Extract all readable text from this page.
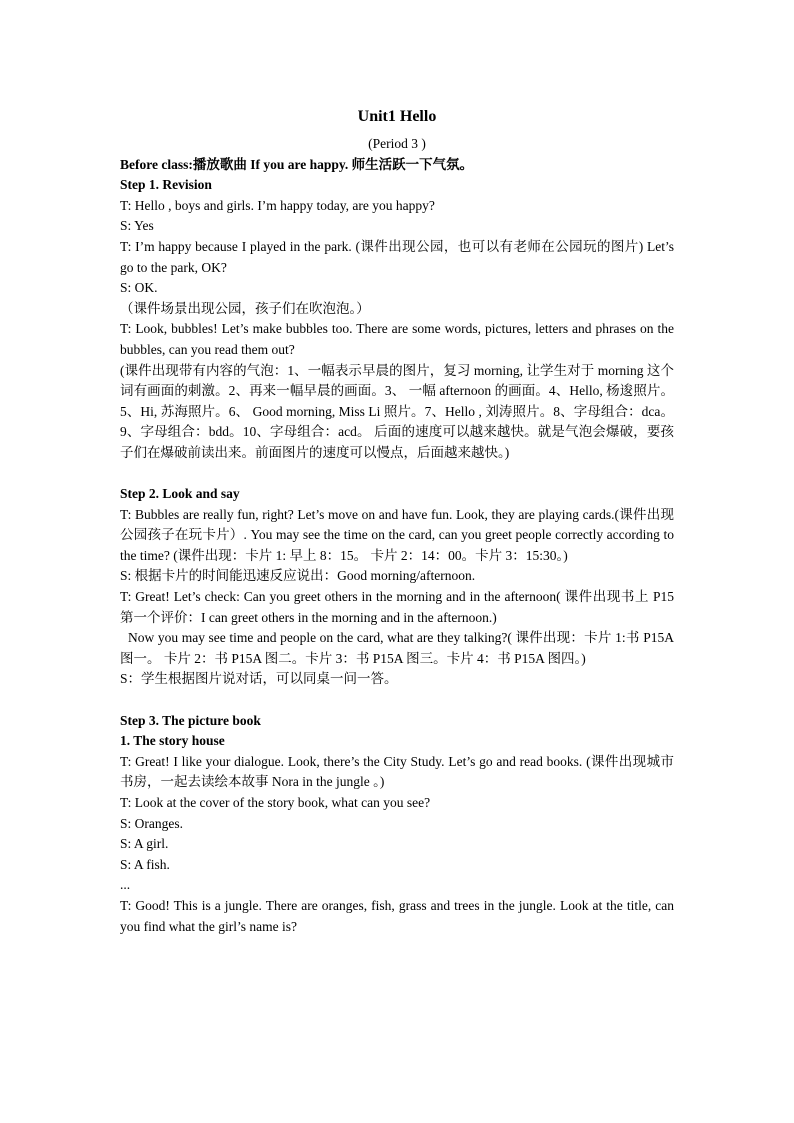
Unit1 Hello
(Period 3 )
Before class:播放歌曲 If you are happy. 师生活跃一下气氛。
Step 1. Revision
T: Hello , boys and girls. I’m happy today, are you happy?
S: Yes
T: I’m happy because I played in the park. (课件出现公园，也可以有老师在公园玩的图片) Let’s go to the park, OK?
S: OK.
（课件场景出现公园，孩子们在吹泡泡。）
T: Look, bubbles! Let’s make bubbles too. There are some words, pictures, letters and phrases on the bubbles, can you read them out?
(课件出现带有内容的气泡：1、一幅表示早晨的图片，复习 morning, 让学生对于 morning 这个词有画面的刺激。2、再来一幅早晨的画面。3、 一幅 afternoon 的画面。4、Hello, 杨逡照片。5、Hi, 苏海照片。6、 Good morning, Miss Li 照片。7、Hello , 刘涛照片。8、字母组合：dca。9、字母组合：bdd。10、字母组合：acd。 后面的速度可以越来越快。就是气泡会爆破，要孩子们在爆破前读出来。前面图片的速度可以慢点，后面越来越快。)
Step 2. Look and say
T: Bubbles are really fun, right? Let’s move on and have fun. Look, they are playing cards.(课件出现公园孩子在玩卡片）. You may see the time on the card, can you greet people correctly according to the time? (课件出现：卡片 1: 早上 8：15。 卡片 2：14：00。卡片 3：15:30。)
S: 根据卡片的时间能迅速反应说出：Good morning/afternoon.
T: Great! Let’s check: Can you greet others in the morning and in the afternoon( 课件出现书上 P15 第一个评价：I can greet others in the morning and in the afternoon.)
Now you may see time and people on the card, what are they talking?( 课件出现：卡片 1:书 P15A 图一。 卡片 2：书 P15A 图二。卡片 3：书 P15A 图三。卡片 4：书 P15A 图四。)
S：学生根据图片说对话，可以同桌一问一答。
Step 3. The picture book
1. The story house
T: Great! I like your dialogue. Look, there’s the City Study. Let’s go and read books. (课件出现城市书房，一起去读绘本故事 Nora in the jungle 。)
T: Look at the cover of the story book, what can you see?
S: Oranges.
S: A girl.
S: A fish.
...
T: Good! This is a jungle. There are oranges, fish, grass and trees in the jungle. Look at the title, can you find what the girl’s name is?
